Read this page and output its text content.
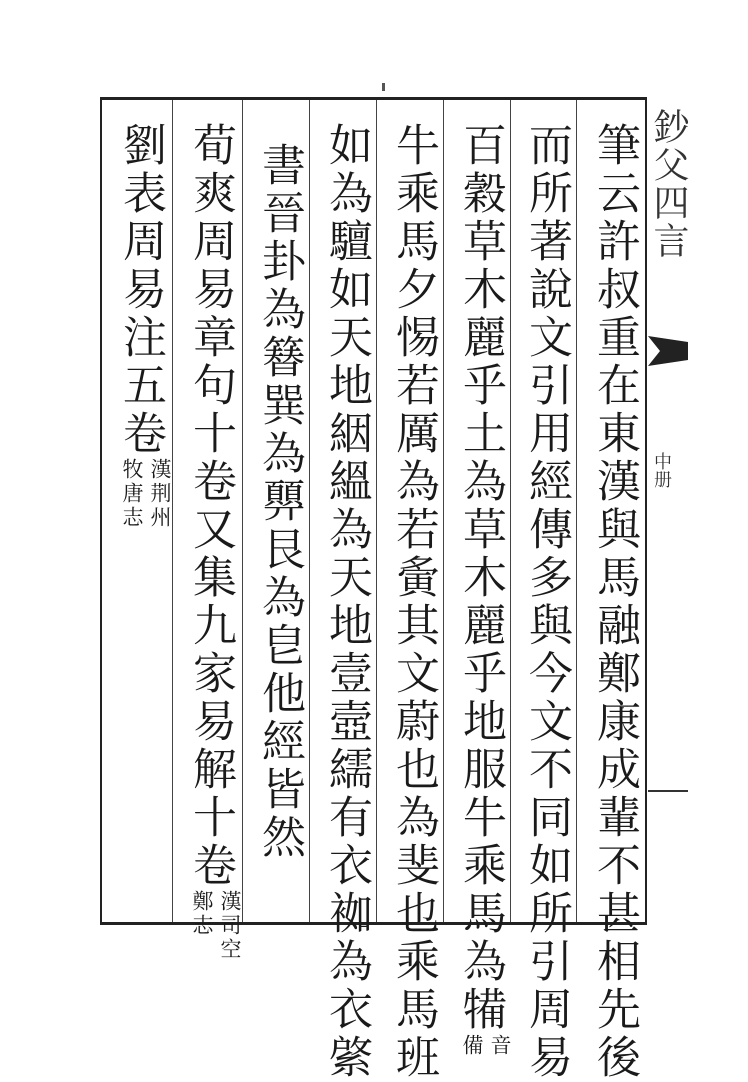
鈔父四言
中册
筆云許叔重在東漢與馬融鄭康成輩不甚相先後
而所著說文引用經傳多與今文不同如所引周易
百穀草木麗乎土為草木麗乎地服牛乘馬為犕
音
備
牛乘馬夕惕若厲為若夤其文蔚也為斐也乘馬班
如為驙如天地絪縕為天地壹壼繻有衣袽為衣綮
書晉卦為簮巽為顨艮為皀他經皆然
荀爽周易章句十卷又集九家易解十卷
漢司空
鄭志
劉表周易注五卷
漢荆州
牧唐志
